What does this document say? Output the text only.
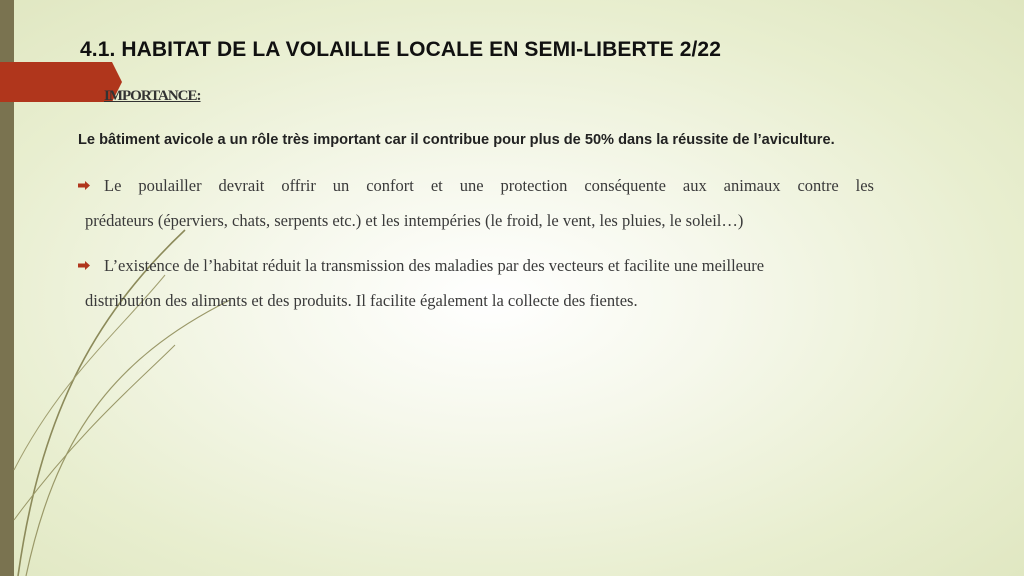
4.1. HABITAT DE LA VOLAILLE LOCALE EN SEMI-LIBERTE 2/22
IMPORTANCE:

Le bâtiment avicole a un rôle très important car il contribue pour plus de 50% dans la réussite de l’aviculture.

Le poulailler devrait offrir un confort et une protection conséquente aux animaux contre les
prédateurs (éperviers, chats, serpents etc.) et les intempéries (le froid, le vent, les pluies, le soleil…)
L’existence de l’habitat réduit la transmission des maladies par des vecteurs et facilite une meilleure
distribution des aliments et des produits. Il facilite également la collecte des fientes.
